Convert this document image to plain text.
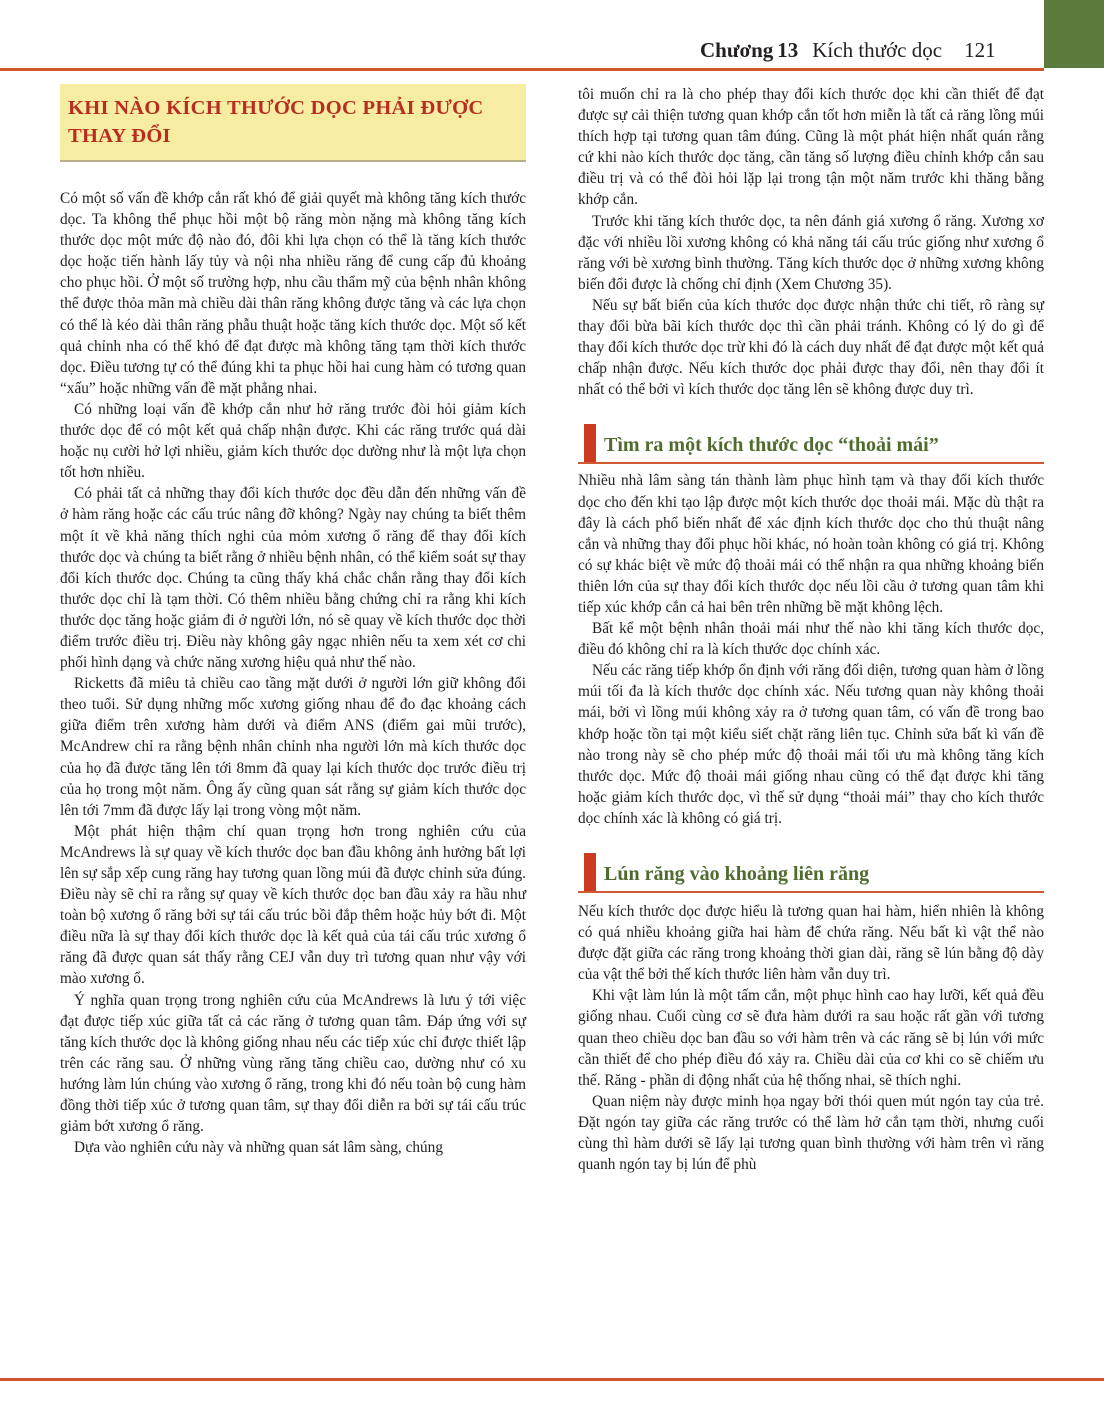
Chương 13 Kích thước dọc 121
KHI NÀO KÍCH THƯỚC DỌC PHẢI ĐƯỢC
THAY ĐỔI

Có một số vấn đề khớp cắn rất khó để giải quyết mà không tăng kích thước dọc. Ta không thể phục hồi một bộ răng mòn nặng mà không tăng kích thước dọc một mức độ nào đó, đôi khi lựa chọn có thể là tăng kích thước dọc hoặc tiến hành lấy tủy và nội nha nhiều răng để cung cấp đủ khoảng cho phục hồi. Ở một số trường hợp, nhu cầu thẩm mỹ của bệnh nhân không thể được thỏa mãn mà chiều dài thân răng không được tăng và các lựa chọn có thể là kéo dài thân răng phẫu thuật hoặc tăng kích thước dọc. Một số kết quả chỉnh nha có thể khó để đạt được mà không tăng tạm thời kích thước dọc. Điều tương tự có thể đúng khi ta phục hồi hai cung hàm có tương quan “xấu” hoặc những vấn đề mặt phẳng nhai.

Có những loại vấn đề khớp cắn như hở răng trước đòi hỏi giảm kích thước dọc để có một kết quả chấp nhận được. Khi các răng trước quá dài hoặc nụ cười hở lợi nhiều, giảm kích thước dọc dường như là một lựa chọn tốt hơn nhiều.

Có phải tất cả những thay đổi kích thước dọc đều dẫn đến những vấn đề ở hàm răng hoặc các cấu trúc nâng đỡ không? Ngày nay chúng ta biết thêm một ít về khả năng thích nghi của mỏm xương ổ răng để thay đổi kích thước dọc và chúng ta biết rằng ở nhiều bệnh nhân, có thể kiểm soát sự thay đổi kích thước dọc. Chúng ta cũng thấy khá chắc chắn rằng thay đổi kích thước dọc chỉ là tạm thời. Có thêm nhiều bằng chứng chỉ ra rằng khi kích thước dọc tăng hoặc giảm đi ở người lớn, nó sẽ quay về kích thước dọc thời điểm trước điều trị. Điều này không gây ngạc nhiên nếu ta xem xét cơ chi phối hình dạng và chức năng xương hiệu quả như thế nào.

Ricketts đã miêu tả chiều cao tầng mặt dưới ở người lớn giữ không đổi theo tuổi. Sử dụng những mốc xương giống nhau để đo đạc khoảng cách giữa điểm trên xương hàm dưới và điểm ANS (điểm gai mũi trước), McAndrew chỉ ra rằng bệnh nhân chỉnh nha người lớn mà kích thước dọc của họ đã được tăng lên tới 8mm đã quay lại kích thước dọc trước điều trị của họ trong một năm. Ông ấy cũng quan sát rằng sự giảm kích thước dọc lên tới 7mm đã được lấy lại trong vòng một năm.

Một phát hiện thậm chí quan trọng hơn trong nghiên cứu của McAndrews là sự quay về kích thước dọc ban đầu không ảnh hưởng bất lợi lên sự sắp xếp cung răng hay tương quan lồng múi đã được chỉnh sửa đúng. Điều này sẽ chỉ ra rằng sự quay về kích thước dọc ban đầu xảy ra hầu như toàn bộ xương ổ răng bởi sự tái cấu trúc bồi đắp thêm hoặc hủy bớt đi. Một điều nữa là sự thay đổi kích thước dọc là kết quả của tái cấu trúc xương ổ răng đã được quan sát thấy rằng CEJ vẫn duy trì tương quan như vậy với mào xương ổ.

Ý nghĩa quan trọng trong nghiên cứu của McAndrews là lưu ý tới việc đạt được tiếp xúc giữa tất cả các răng ở tương quan tâm. Đáp ứng với sự tăng kích thước dọc là không giống nhau nếu các tiếp xúc chỉ được thiết lập trên các răng sau. Ở những vùng răng tăng chiều cao, dường như có xu hướng làm lún chúng vào xương ổ răng, trong khi đó nếu toàn bộ cung hàm đồng thời tiếp xúc ở tương quan tâm, sự thay đổi diễn ra bởi sự tái cấu trúc giảm bớt xương ổ răng.

Dựa vào nghiên cứu này và những quan sát lâm sàng, chúng

tôi muốn chỉ ra là cho phép thay đổi kích thước dọc khi cần thiết để đạt được sự cải thiện tương quan khớp cắn tốt hơn miễn là tất cả răng lồng múi thích hợp tại tương quan tâm đúng. Cũng là một phát hiện nhất quán rằng cứ khi nào kích thước dọc tăng, cần tăng số lượng điều chỉnh khớp cắn sau điều trị và có thể đòi hỏi lặp lại trong tận một năm trước khi thăng bằng khớp cắn.

Trước khi tăng kích thước dọc, ta nên đánh giá xương ổ răng. Xương xơ đặc với nhiều lồi xương không có khả năng tái cấu trúc giống như xương ổ răng với bè xương bình thường. Tăng kích thước dọc ở những xương không biến đổi được là chống chỉ định (Xem Chương 35).

Nếu sự bất biến của kích thước dọc được nhận thức chi tiết, rõ ràng sự thay đổi bừa bãi kích thước dọc thì cần phải tránh. Không có lý do gì để thay đổi kích thước dọc trừ khi đó là cách duy nhất để đạt được một kết quả chấp nhận được. Nếu kích thước dọc phải được thay đổi, nên thay đổi ít nhất có thể bởi vì kích thước dọc tăng lên sẽ không được duy trì.

Tìm ra một kích thước dọc “thoải mái”

Nhiều nhà lâm sàng tán thành làm phục hình tạm và thay đổi kích thước dọc cho đến khi tạo lập được một kích thước dọc thoải mái. Mặc dù thật ra đây là cách phổ biến nhất để xác định kích thước dọc cho thủ thuật nâng cắn và những thay đổi phục hồi khác, nó hoàn toàn không có giá trị. Không có sự khác biệt về mức độ thoải mái có thể nhận ra qua những khoảng biến thiên lớn của sự thay đổi kích thước dọc nếu lồi cầu ở tương quan tâm khi tiếp xúc khớp cắn cả hai bên trên những bề mặt không lệch.

Bất kể một bệnh nhân thoải mái như thế nào khi tăng kích thước dọc, điều đó không chỉ ra là kích thước dọc chính xác.

Nếu các răng tiếp khớp ổn định với răng đối diện, tương quan hàm ở lồng múi tối đa là kích thước dọc chính xác. Nếu tương quan này không thoải mái, bởi vì lồng múi không xảy ra ở tương quan tâm, có vấn đề trong bao khớp hoặc tồn tại một kiểu siết chặt răng liên tục. Chỉnh sửa bất kì vấn đề nào trong này sẽ cho phép mức độ thoải mái tối ưu mà không tăng kích thước dọc. Mức độ thoải mái giống nhau cũng có thể đạt được khi tăng hoặc giảm kích thước dọc, vì thế sử dụng “thoải mái” thay cho kích thước dọc chính xác là không có giá trị.

Lún răng vào khoảng liên răng

Nếu kích thước dọc được hiểu là tương quan hai hàm, hiển nhiên là không có quá nhiều khoảng giữa hai hàm để chứa răng. Nếu bất kì vật thể nào được đặt giữa các răng trong khoảng thời gian dài, răng sẽ lún bằng độ dày của vật thể bởi thế kích thước liên hàm vẫn duy trì.

Khi vật làm lún là một tấm cắn, một phục hình cao hay lưỡi, kết quả đều giống nhau. Cuối cùng cơ sẽ đưa hàm dưới ra sau hoặc rất gần với tương quan theo chiều dọc ban đầu so với hàm trên và các răng sẽ bị lún với mức cần thiết để cho phép điều đó xảy ra. Chiều dài của cơ khi co sẽ chiếm ưu thế. Răng - phần di động nhất của hệ thống nhai, sẽ thích nghi.

Quan niệm này được minh họa ngay bởi thói quen mút ngón tay của trẻ. Đặt ngón tay giữa các răng trước có thể làm hở cắn tạm thời, nhưng cuối cùng thì hàm dưới sẽ lấy lại tương quan bình thường với hàm trên vì răng quanh ngón tay bị lún để phù
